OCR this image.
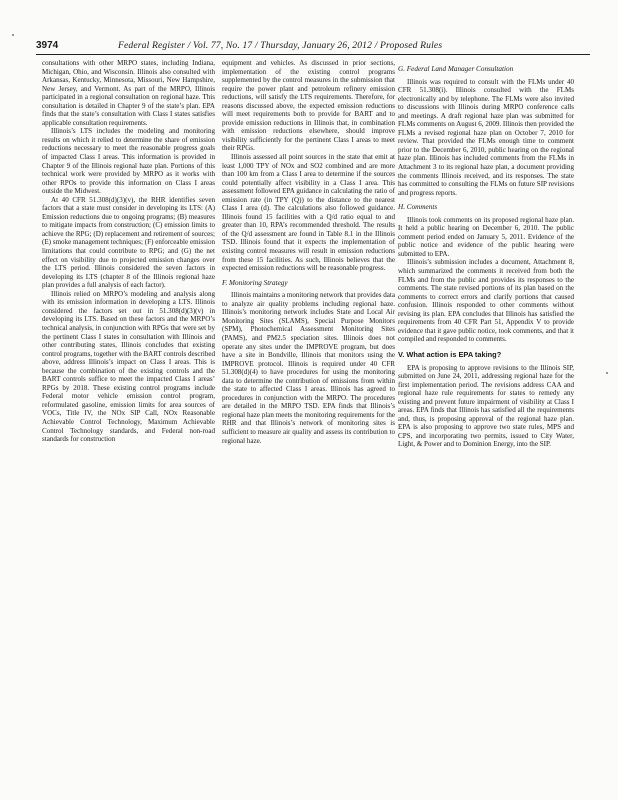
3974	Federal Register / Vol. 77, No. 17 / Thursday, January 26, 2012 / Proposed Rules

consultations with other MRPO states, including Indiana, Michigan, Ohio, and Wisconsin. Illinois also consulted with Arkansas, Kentucky, Minnesota, Missouri, New Hampshire, New Jersey, and Vermont. As part of the MRPO, Illinois participated in a regional consultation on regional haze. This consultation is detailed in Chapter 9 of the state’s plan. EPA finds that the state’s consultation with Class I states satisfies applicable consultation requirements.

Illinois’s LTS includes the modeling and monitoring results on which it relied to determine the share of emission reductions necessary to meet the reasonable progress goals of impacted Class I areas. This information is provided in Chapter 9 of the Illinois regional haze plan. Portions of this technical work were provided by MRPO as it works with other RPOs to provide this information on Class I areas outside the Midwest.

At 40 CFR 51.308(d)(3)(v), the RHR identifies seven factors that a state must consider in developing its LTS: (A) Emission reductions due to ongoing programs; (B) measures to mitigate impacts from construction; (C) emission limits to achieve the RPG; (D) replacement and retirement of sources; (E) smoke management techniques; (F) enforceable emission limitations that could contribute to RPG; and (G) the net effect on visibility due to projected emission changes over the LTS period. Illinois considered the seven factors in developing its LTS (chapter 8 of the Illinois regional haze plan provides a full analysis of each factor).

Illinois relied on MRPO’s modeling and analysis along with its emission information in developing a LTS. Illinois considered the factors set out in 51.308(d)(3)(v) in developing its LTS. Based on these factors and the MRPO’s technical analysis, in conjunction with RPGs that were set by the pertinent Class I states in consultation with Illinois and other contributing states, Illinois concludes that existing control programs, together with the BART controls described above, address Illinois’s impact on Class I areas. This is because the combination of the existing controls and the BART controls suffice to meet the impacted Class I areas’ RPGs by 2018. These existing control programs include Federal motor vehicle emission control program, reformulated gasoline, emission limits for area sources of VOCs, Title IV, the NOx SIP Call, NOx Reasonable Achievable Control Technology, Maximum Achievable Control Technology standards, and Federal non-road standards for construction

equipment and vehicles. As discussed in prior sections, implementation of the existing control programs supplemented by the control measures in the submission that require the power plant and petroleum refinery emission reductions, will satisfy the LTS requirements. Therefore, for reasons discussed above, the expected emission reductions will meet requirements both to provide for BART and to provide emission reductions in Illinois that, in combination with emission reductions elsewhere, should improve visibility sufficiently for the pertinent Class I areas to meet their RPGs.

Illinois assessed all point sources in the state that emit at least 1,000 TPY of NOx and SO2 combined and are more than 100 km from a Class I area to determine if the sources could potentially affect visibility in a Class I area. This assessment followed EPA guidance in calculating the ratio of emission rate (in TPY (Q)) to the distance to the nearest Class I area (d). The calculations also followed guidance. Illinois found 15 facilities with a Q/d ratio equal to and greater than 10, RPA’s recommended threshold. The results of the Q/d assessment are found in Table 8.1 in the Illinois TSD. Illinois found that it expects the implementation of existing control measures will result in emission reductions from these 15 facilities. As such, Illinois believes that the expected emission reductions will be reasonable progress.

F. Monitoring Strategy

Illinois maintains a monitoring network that provides data to analyze air quality problems including regional haze. Illinois’s monitoring network includes State and Local Air Monitoring Sites (SLAMS), Special Purpose Monitors (SPM), Photochemical Assessment Monitoring Sites (PAMS), and PM2.5 speciation sites. Illinois does not operate any sites under the IMPROVE program, but does have a site in Bondville, Illinois that monitors using the IMPROVE protocol. Illinois is required under 40 CFR 51.308(d)(4) to have procedures for using the monitoring data to determine the contribution of emissions from within the state to affected Class I areas. Illinois has agreed to procedures in conjunction with the MRPO. The procedures are detailed in the MRPO TSD. EPA finds that Illinois’s regional haze plan meets the monitoring requirements for the RHR and that Illinois’s network of monitoring sites is sufficient to measure air quality and assess its contribution to regional haze.

G. Federal Land Manager Consultation

Illinois was required to consult with the FLMs under 40 CFR 51.308(i). Illinois consulted with the FLMs electronically and by telephone. The FLMs were also invited to discussions with Illinois during MRPO conference calls and meetings. A draft regional haze plan was submitted for FLMs comments on August 6, 2009. Illinois then provided the FLMs a revised regional haze plan on October 7, 2010 for review. That provided the FLMs enough time to comment prior to the December 6, 2010, public hearing on the regional haze plan. Illinois has included comments from the FLMs in Attachment 3 to its regional haze plan, a document providing the comments Illinois received, and its responses. The state has committed to consulting the FLMs on future SIP revisions and progress reports.

H. Comments

Illinois took comments on its proposed regional haze plan. It held a public hearing on December 6, 2010. The public comment period ended on January 5, 2011. Evidence of the public notice and evidence of the public hearing were submitted to EPA.

Illinois’s submission includes a document, Attachment 8, which summarized the comments it received from both the FLMs and from the public and provides its responses to the comments. The state revised portions of its plan based on the comments to correct errors and clarify portions that caused confusion. Illinois responded to other comments without revising its plan. EPA concludes that Illinois has satisfied the requirements from 40 CFR Part 51, Appendix V to provide evidence that it gave public notice, took comments, and that it compiled and responded to comments.

V. What action is EPA taking?

EPA is proposing to approve revisions to the Illinois SIP, submitted on June 24, 2011, addressing regional haze for the first implementation period. The revisions address CAA and regional haze rule requirements for states to remedy any existing and prevent future impairment of visibility at Class I areas. EPA finds that Illinois has satisfied all the requirements and, thus, is proposing approval of the regional haze plan. EPA is also proposing to approve two state rules, MPS and CPS, and incorporating two permits, issued to City Water, Light, & Power and to Dominion Energy, into the SIP.
